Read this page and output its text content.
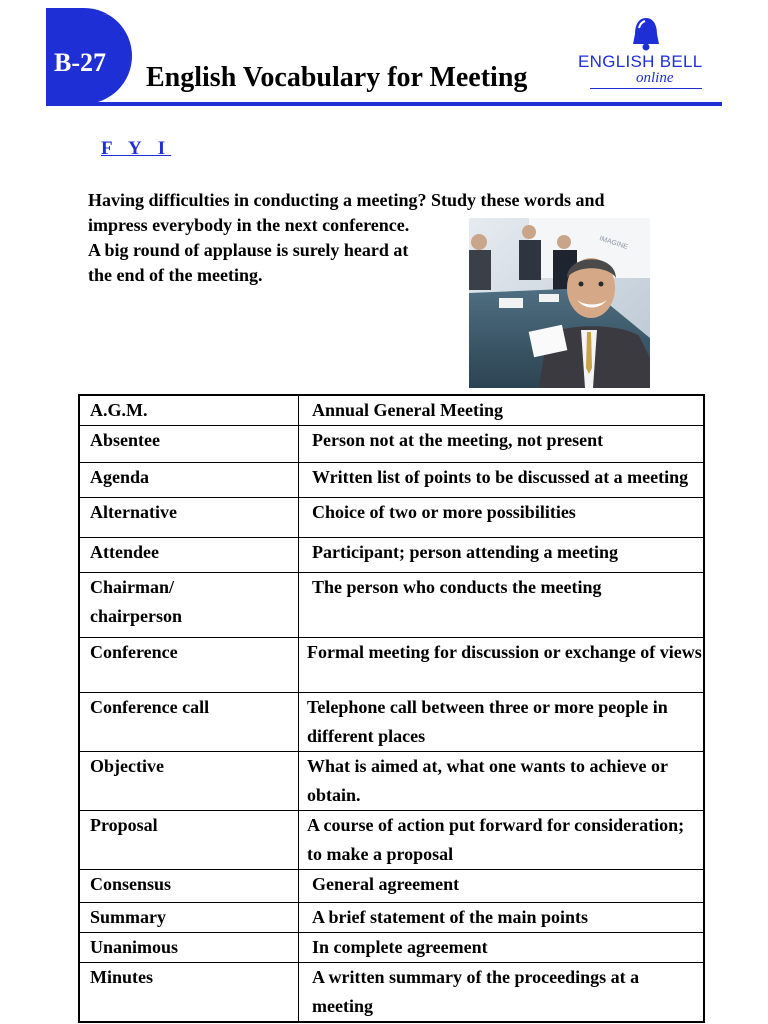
B-27 English Vocabulary for Meeting
ENGLISH BELL
online
F Y I
Having difficulties in conducting a meeting? Study these words and
impress everybody in the next conference.
A big round of applause is surely heard at
the end of the meeting.
IMAGINE
A.G.M.	Annual General Meeting
Absentee	Person not at the meeting, not present
Agenda	Written list of points to be discussed at a meeting
Alternative	Choice of two or more possibilities
Attendee	Participant; person attending a meeting
Chairman/ chairperson	The person who conducts the meeting
Conference	Formal meeting for discussion or exchange of views
Conference call	Telephone call between three or more people in different places
Objective	What is aimed at, what one wants to achieve or obtain.
Proposal	A course of action put forward for consideration; to make a proposal
Consensus	General agreement
Summary	A brief statement of the main points
Unanimous	In complete agreement
Minutes	A written summary of the proceedings at a meeting
